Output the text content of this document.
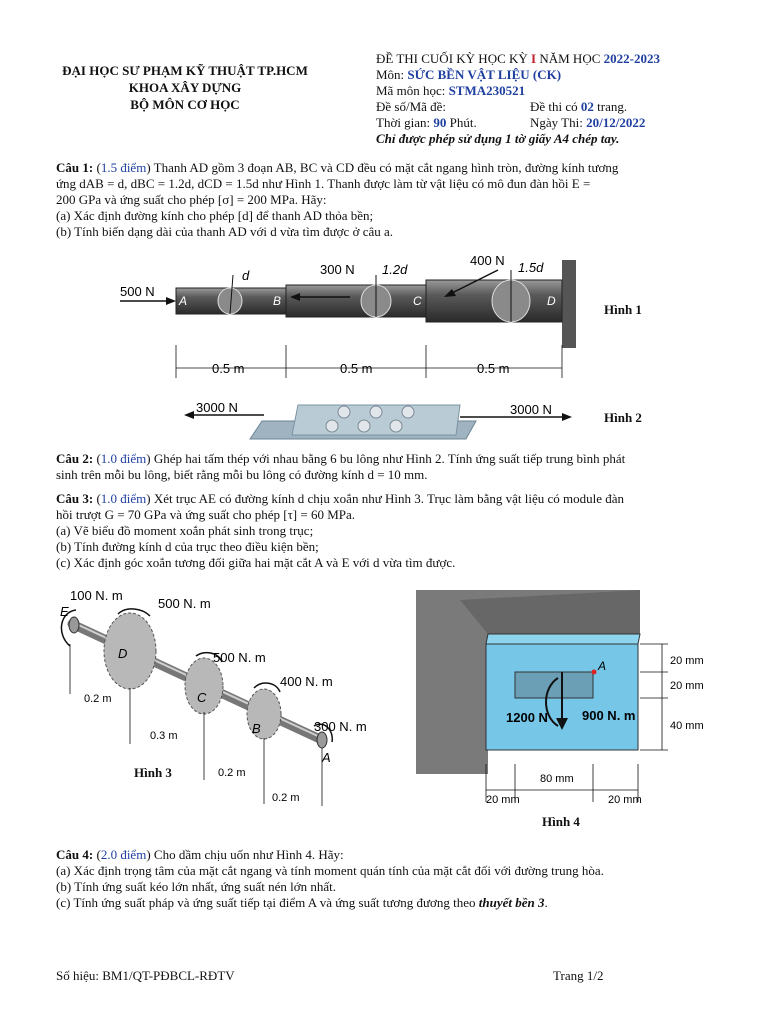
ĐẠI HỌC SƯ PHẠM KỸ THUẬT TP.HCM
KHOA XÂY DỰNG
BỘ MÔN CƠ HỌC
ĐỀ THI CUỐI KỲ HỌC KỲ I NĂM HỌC 2022-2023
Môn: SỨC BỀN VẬT LIỆU (CK)
Mã môn học: STMA230521
Đề số/Mã đề:	Đề thi có 02 trang.
Thời gian: 90 Phút.	Ngày Thi: 20/12/2022
Chỉ được phép sử dụng 1 tờ giấy A4 chép tay.

Câu 1: (1.5 điểm) Thanh AD gồm 3 đoạn AB, BC và CD đều có mặt cắt ngang hình tròn, đường kính tương

ứng dAB = d, dBC = 1.2d, dCD = 1.5d như Hình 1. Thanh được làm từ vật liệu có mô đun đàn hồi E =

200 GPa và ứng suất cho phép [σ] = 200 MPa. Hãy:

(a) Xác định đường kính cho phép [d] để thanh AD thỏa bền;

(b) Tính biến dạng dài của thanh AD với d vừa tìm được ở câu a.

500 N
300 N
400 N
d	1.2d	1.5d
A	B	C	D
0.5 m	0.5 m	0.5 m
Hình 1
3000 N	3000 N
Hình 2

Câu 2: (1.0 điểm) Ghép hai tấm thép với nhau bằng 6 bu lông như Hình 2. Tính ứng suất tiếp trung bình phát

sinh trên mỗi bu lông, biết rằng mỗi bu lông có đường kính d = 10 mm.

Câu 3: (1.0 điểm) Xét trục AE có đường kính d chịu xoắn như Hình 3. Trục làm bằng vật liệu có module đàn

hồi trượt G = 70 GPa và ứng suất cho phép [τ] = 60 MPa.

(a) Vẽ biểu đồ moment xoắn phát sinh trong trục;

(b) Tính đường kính d của trục theo điều kiện bền;

(c) Xác định góc xoắn tương đối giữa hai mặt cắt A và E với d vừa tìm được.

100 N. m
500 N. m
500 N. m
400 N. m
300 N. m
E
D
C
B
A
0.2 m
0.3 m
0.2 m
0.2 m
Hình 3
A
1200 N	900 N. m
20 mm
20 mm
40 mm
80 mm
20 mm	20 mm
Hình 4

Câu 4: (2.0 điểm) Cho dầm chịu uốn như Hình 4. Hãy:

(a) Xác định trọng tâm của mặt cắt ngang và tính moment quán tính của mặt cắt đối với đường trung hòa.

(b) Tính ứng suất kéo lớn nhất, ứng suất nén lớn nhất.

(c) Tính ứng suất pháp và ứng suất tiếp tại điểm A và ứng suất tương đương theo thuyết bền 3.

Số hiệu: BM1/QT-PĐBCL-RĐTV	Trang 1/2
